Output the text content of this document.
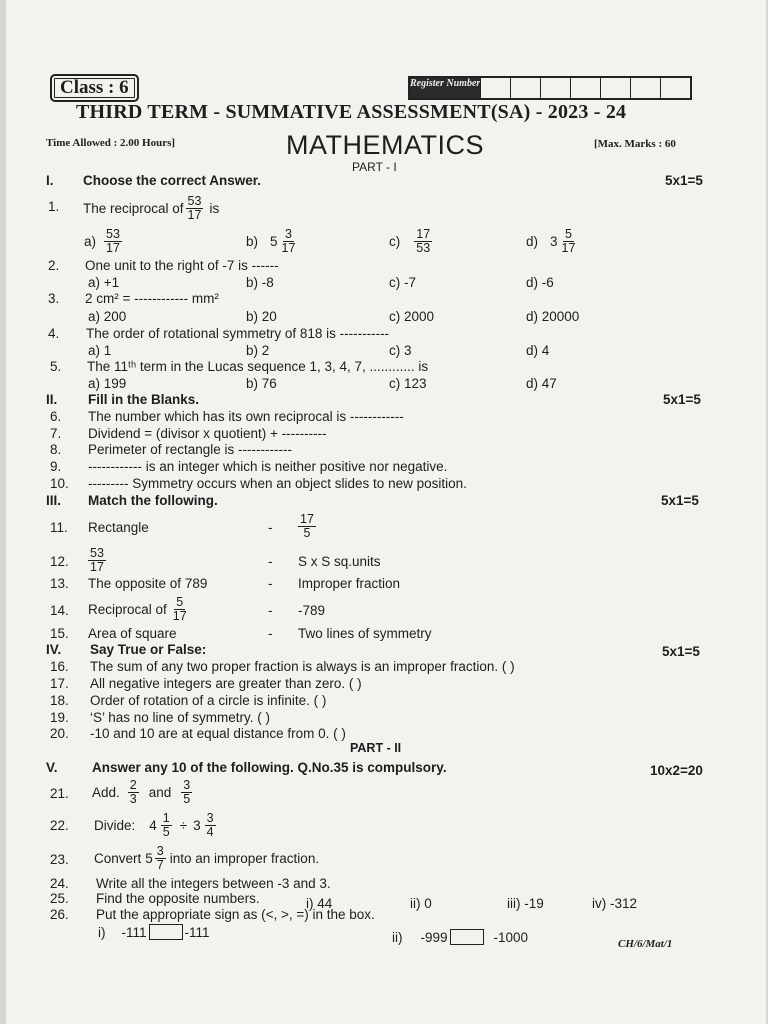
Class : 6	Register Number
THIRD TERM - SUMMATIVE ASSESSMENT(SA) - 2023 - 24
Time Allowed : 2.00 Hours]	MATHEMATICS	[Max. Marks : 60
PART - I
I. Choose the correct Answer.	5x1=5
1. The reciprocal of $\frac{53}{17}$ is
$a) \frac{53}{17}$	b) $5 \frac{3}{17}$	$c) \frac{17}{53}$	d) $3 \frac{5}{17}$
2. One unit to the right of -7 is ------
a) +1	b) -8	c) -7	d) -6
3. 2 cm² = ------------ mm²
a) 200	b) 20	c) 2000	d) 20000
4. The order of rotational symmetry of 818 is -----------
a) 1	b) 2	c) 3	d) 4
5. The 11ᵗʰ term in the Lucas sequence 1, 3, 4, 7, ............ is
a) 199	b) 76	c) 123	d) 47
II. Fill in the Blanks.	5x1=5
6. The number which has its own reciprocal is ------------
7. Dividend = (divisor x quotient) + ----------
8. Perimeter of rectangle is ------------
9. ------------ is an integer which is neither positive nor negative.
10. --------- Symmetry occurs when an object slides to new position.
III. Match the following.	5x1=5
11. Rectangle	- $\frac{17}{5}$
12. $\frac{53}{17}$	- S x S sq.units
13. The opposite of 789	- Improper fraction
14. Reciprocal of $\frac{5}{17}$	- -789
15. Area of square	- Two lines of symmetry
IV. Say True or False:	5x1=5
16. The sum of any two proper fraction is always is an improper fraction. ( )
17. All negative integers are greater than zero. ( )
18. Order of rotation of a circle is infinite. ( )
19. ‘S’ has no line of symmetry. ( )
20. -10 and 10 are at equal distance from 0. ( )
PART - II
V.	Answer any 10 of the following. Q.No.35 is compulsory.	10x2=20
21. Add. $\frac{2}{3}$ and $\frac{3}{5}$
22. Divide: $4 \frac{1}{5} \div 3 \frac{3}{4}$
23. Convert $5 \frac{3}{7}$ into an improper fraction.
24. Write all the integers between -3 and 3.
25. Find the opposite numbers.	i) 44	ii) 0	iii) -19	iv) -312
26. Put the appropriate sign as (<, >, =) in the box.
i) -111	-111	ii) -999	-1000	CH/6/Mat/1
